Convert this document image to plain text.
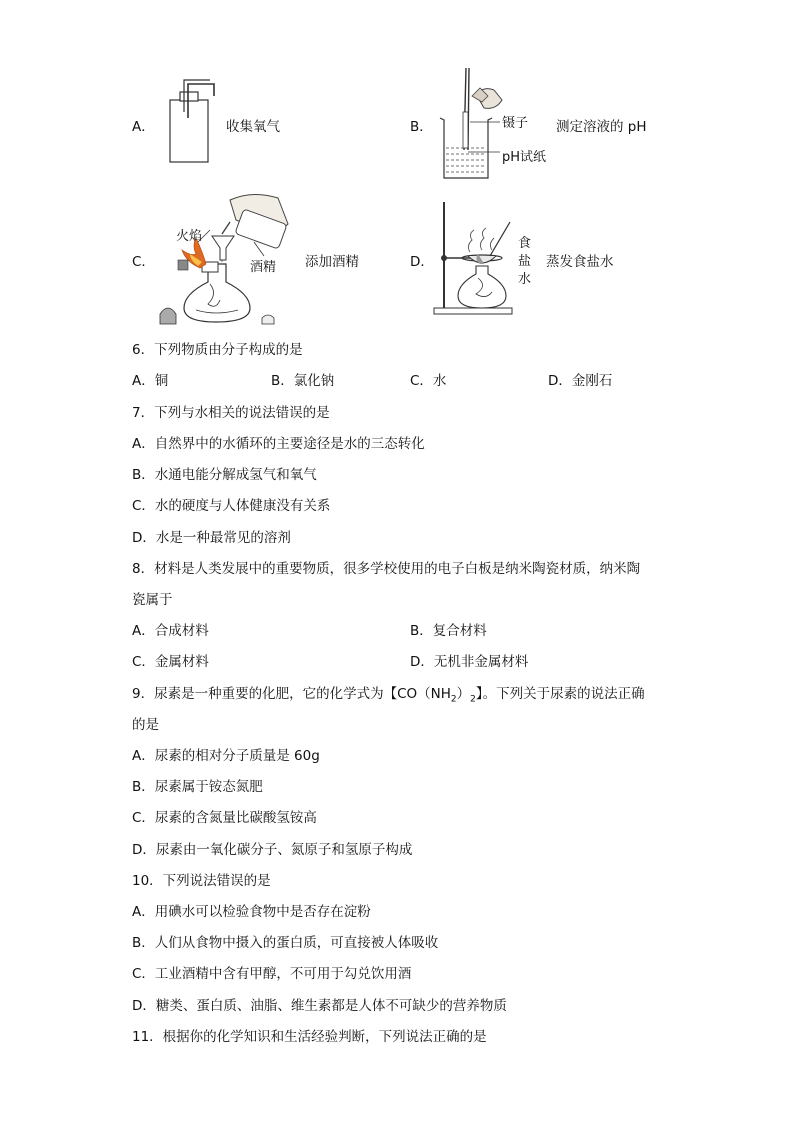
A．	收集氧气	B．	镊子
pH试纸
测定溶液的 pH
C．
火焰
酒精 添加酒精	D．
食
盐
水
蒸发食盐水
6．下列物质由分子构成的是
A．铜	B．氯化钠	C．水	D．金刚石
7．下列与水相关的说法错误的是
A．自然界中的水循环的主要途径是水的三态转化
B．水通电能分解成氢气和氧气
C．水的硬度与人体健康没有关系
D．水是一种最常见的溶剂
8．材料是人类发展中的重要物质，很多学校使用的电子白板是纳米陶瓷材质，纳米陶
瓷属于
A．合成材料	B．复合材料
C．金属材料	D．无机非金属材料
9．尿素是一种重要的化肥，它的化学式为【$CO(NH_2)_2$】。下列关于尿素的说法正确
的是
A．尿素的相对分子质量是 60g
B．尿素属于铵态氮肥
C．尿素的含氮量比碳酸氢铵高
D．尿素由一氧化碳分子、氮原子和氢原子构成
10．下列说法错误的是
A．用碘水可以检验食物中是否存在淀粉
B．人们从食物中摄入的蛋白质，可直接被人体吸收
C．工业酒精中含有甲醇，不可用于勾兑饮用酒
D．糖类、蛋白质、油脂、维生素都是人体不可缺少的营养物质
11．根据你的化学知识和生活经验判断，下列说法正确的是
